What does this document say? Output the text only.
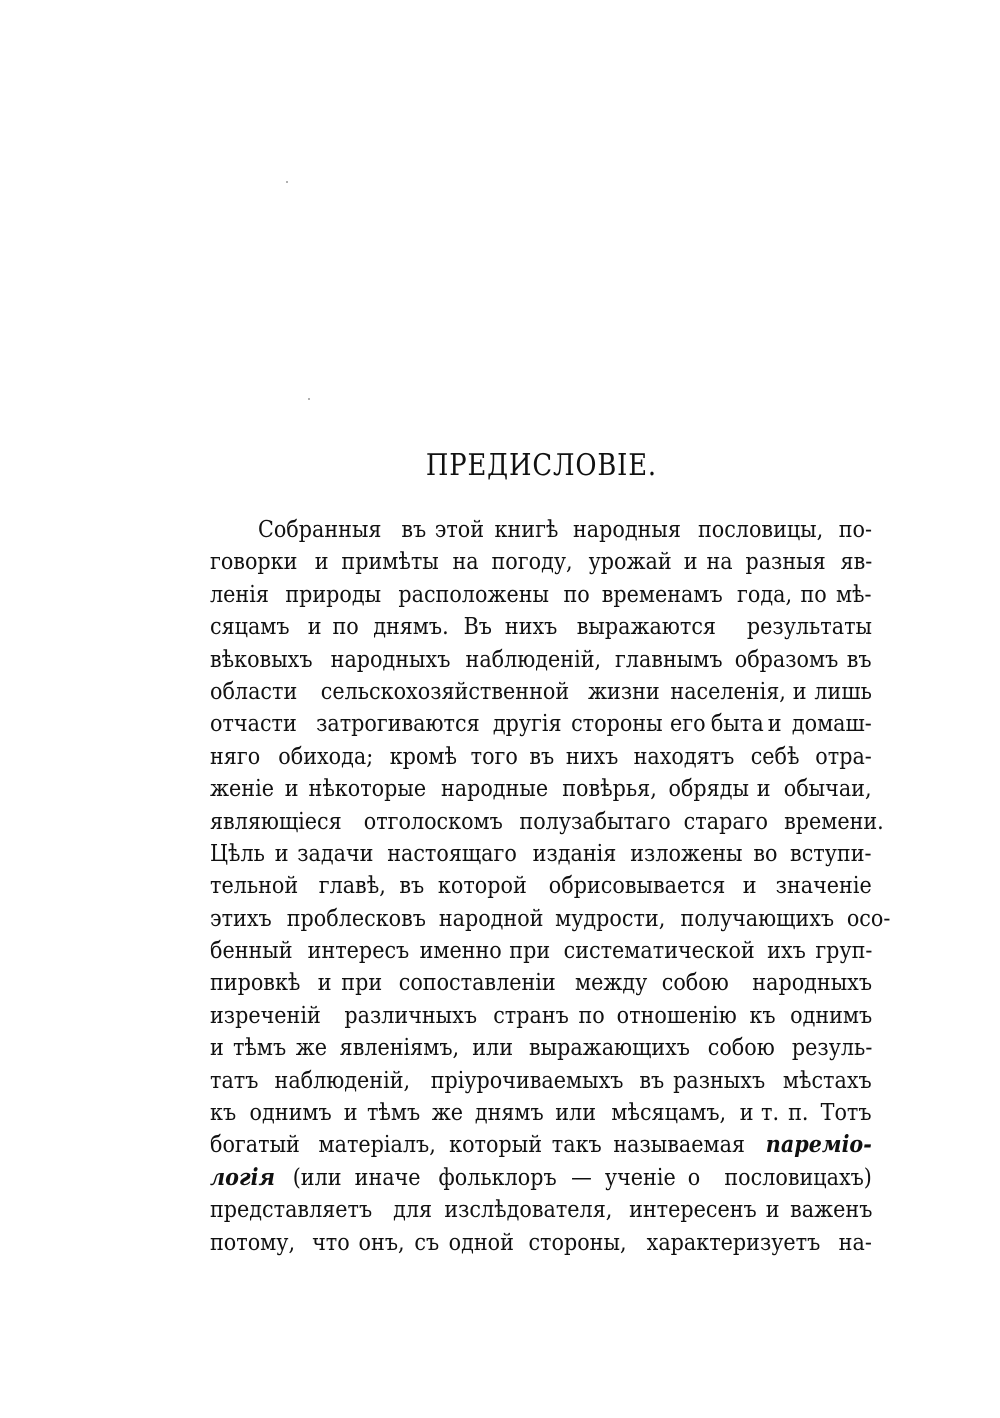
ПРЕДИСЛОВІЕ.
Собранныя въ этой книгѣ народныя пословицы, по-
говорки и примѣты на погоду, урожай и на разныя яв-
ленія природы расположены по временамъ года, по мѣ-
сяцамъ и по днямъ. Въ нихъ выражаются результаты
вѣковыхъ народныхъ наблюденій, главнымъ образомъ въ
области сельскохозяйственной жизни населенія, и лишь
отчасти затрогиваются другія стороны его быта и домаш-
няго обихода; кромѣ того въ нихъ находятъ себѣ отра-
женіе и нѣкоторые народные повѣрья, обряды и обычаи,
являющіеся отголоскомъ полузабытаго стараго времени.
Цѣль и задачи настоящаго изданія изложены во вступи-
тельной главѣ, въ которой обрисовывается и значеніе
этихъ проблесковъ народной мудрости, получающихъ осо-
бенный интересъ именно при систематической ихъ груп-
пировкѣ и при сопоставленіи между собою народныхъ
изреченій различныхъ странъ по отношенію къ однимъ
и тѣмъ же явленіямъ, или выражающихъ собою резуль-
татъ наблюденій, пріурочиваемыхъ въ разныхъ мѣстахъ
къ однимъ и тѣмъ же днямъ или мѣсяцамъ, и т. п. Тотъ
богатый матеріалъ, который такъ называемая паремiо-
логія (или иначе фольклоръ — ученіе о пословицахъ)
представляетъ для изслѣдователя, интересенъ и важенъ
потому, что онъ, съ одной стороны, характеризуетъ на-
